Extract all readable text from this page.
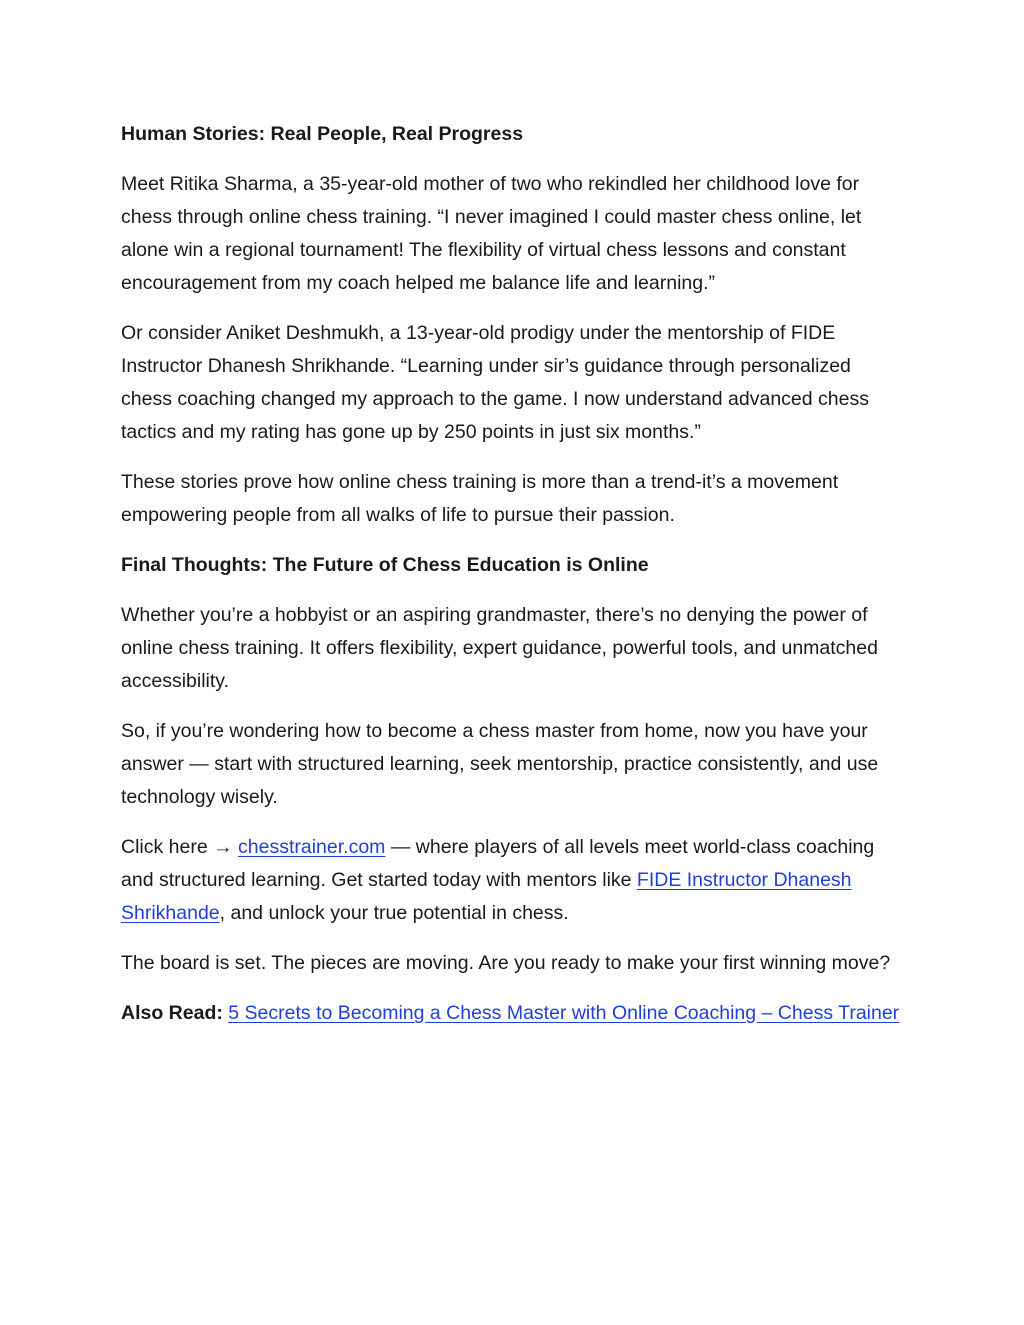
Human Stories: Real People, Real Progress

Meet Ritika Sharma, a 35-year-old mother of two who rekindled her childhood love for chess through online chess training. “I never imagined I could master chess online, let alone win a regional tournament! The flexibility of virtual chess lessons and constant encouragement from my coach helped me balance life and learning.”

Or consider Aniket Deshmukh, a 13-year-old prodigy under the mentorship of FIDE Instructor Dhanesh Shrikhande. “Learning under sir’s guidance through personalized chess coaching changed my approach to the game. I now understand advanced chess tactics and my rating has gone up by 250 points in just six months.”

These stories prove how online chess training is more than a trend-it’s a movement empowering people from all walks of life to pursue their passion.

Final Thoughts: The Future of Chess Education is Online

Whether you’re a hobbyist or an aspiring grandmaster, there’s no denying the power of online chess training. It offers flexibility, expert guidance, powerful tools, and unmatched accessibility.

So, if you’re wondering how to become a chess master from home, now you have your answer — start with structured learning, seek mentorship, practice consistently, and use technology wisely.

Click here → chesstrainer.com — where players of all levels meet world-class coaching and structured learning. Get started today with mentors like FIDE Instructor Dhanesh Shrikhande, and unlock your true potential in chess.

The board is set. The pieces are moving. Are you ready to make your first winning move?

Also Read: 5 Secrets to Becoming a Chess Master with Online Coaching – Chess Trainer
